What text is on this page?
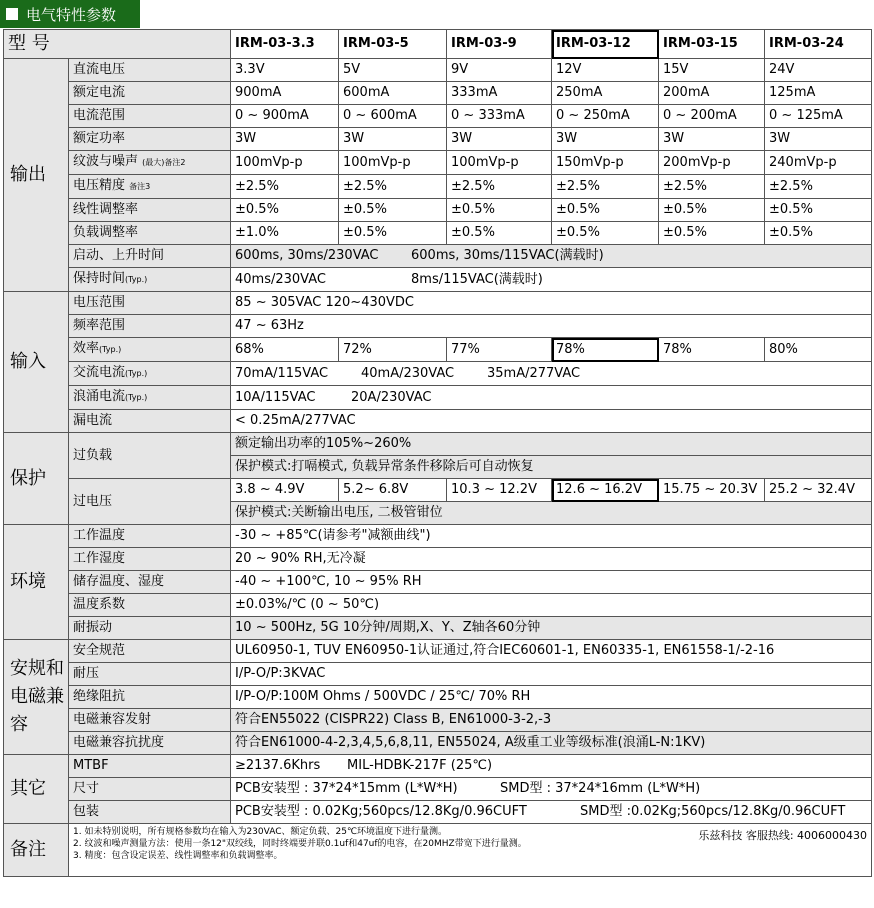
电气特性参数
型 号		IRM-03-3.3	IRM-03-5	IRM-03-9	IRM-03-12	IRM-03-15	IRM-03-24
输出	直流电压	3.3V	5V	9V	12V	15V	24V
	额定电流	900mA	600mA	333mA	250mA	200mA	125mA
	电流范围	0 ~ 900mA	0 ~ 600mA	0 ~ 333mA	0 ~ 250mA	0 ~ 200mA	0 ~ 125mA
	额定功率	3W	3W	3W	3W	3W	3W
	纹波与噪声 (最大)备注2	100mVp-p	100mVp-p	100mVp-p	150mVp-p	200mVp-p	240mVp-p
	电压精度 备注3	±2.5%	±2.5%	±2.5%	±2.5%	±2.5%	±2.5%
	线性调整率	±0.5%	±0.5%	±0.5%	±0.5%	±0.5%	±0.5%
	负载调整率	±1.0%	±0.5%	±0.5%	±0.5%	±0.5%	±0.5%
	启动、上升时间	600ms, 30ms/230VAC 600ms, 30ms/115VAC(满载时)					
	保持时间(Typ.)	40ms/230VAC 8ms/115VAC(满载时)					
输入	电压范围	85 ~ 305VAC 120~430VDC					
	频率范围	47 ~ 63Hz					
	效率(Typ.)	68%	72%	77%	78%	78%	80%
	交流电流(Typ.)	70mA/115VAC 40mA/230VAC 35mA/277VAC					
	浪涌电流(Typ.)	10A/115VAC 20A/230VAC					
	漏电流	< 0.25mA/277VAC					
保护	过负载	额定输出功率的105%~260%					
		保护模式:打嗝模式, 负载异常条件移除后可自动恢复					
	过电压	3.8 ~ 4.9V	5.2~ 6.8V	10.3 ~ 12.2V	12.6 ~ 16.2V	15.75 ~ 20.3V	25.2 ~ 32.4V
		保护模式:关断输出电压, 二极管钳位					
环境	工作温度	-30 ~ +85℃(请参考"减额曲线")					
	工作湿度	20 ~ 90% RH,无冷凝					
	储存温度、湿度	-40 ~ +100℃, 10 ~ 95% RH					
	温度系数	±0.03%/℃ (0 ~ 50℃)					
	耐振动	10 ~ 500Hz, 5G 10分钟/周期,X、Y、Z轴各60分钟					
安规和电磁兼容	安全规范	UL60950-1, TUV EN60950-1认证通过,符合IEC60601-1, EN60335-1, EN61558-1/-2-16					
	耐压	I/P-O/P:3KVAC					
	绝缘阻抗	I/P-O/P:100M Ohms / 500VDC / 25℃/ 70% RH					
	电磁兼容发射	符合EN55022 (CISPR22) Class B, EN61000-3-2,-3					
	电磁兼容抗扰度	符合EN61000-4-2,3,4,5,6,8,11, EN55024, A级重工业等级标准(浪涌L-N:1KV)					
其它	MTBF	≥2137.6Khrs MIL-HDBK-217F (25℃)					
	尺寸	PCB安装型 : 37*24*15mm (L*W*H) SMD型 : 37*24*16mm (L*W*H)					
	包装	PCB安装型 : 0.02Kg;560pcs/12.8Kg/0.96CUFT SMD型 :0.02Kg;560pcs/12.8Kg/0.96CUFT					
备注	1. 如未特别说明，所有规格参数均在输入为230VAC、额定负载、25℃环境温度下进行量测。
2. 纹波和噪声测量方法：使用一条12"双绞线，同时终端要并联0.1uf和47uf的电容，在20MHZ带宽下进行量测。
3. 精度：包含设定误差、线性调整率和负载调整率。
乐兹科技 客服热线: 4006000430						
